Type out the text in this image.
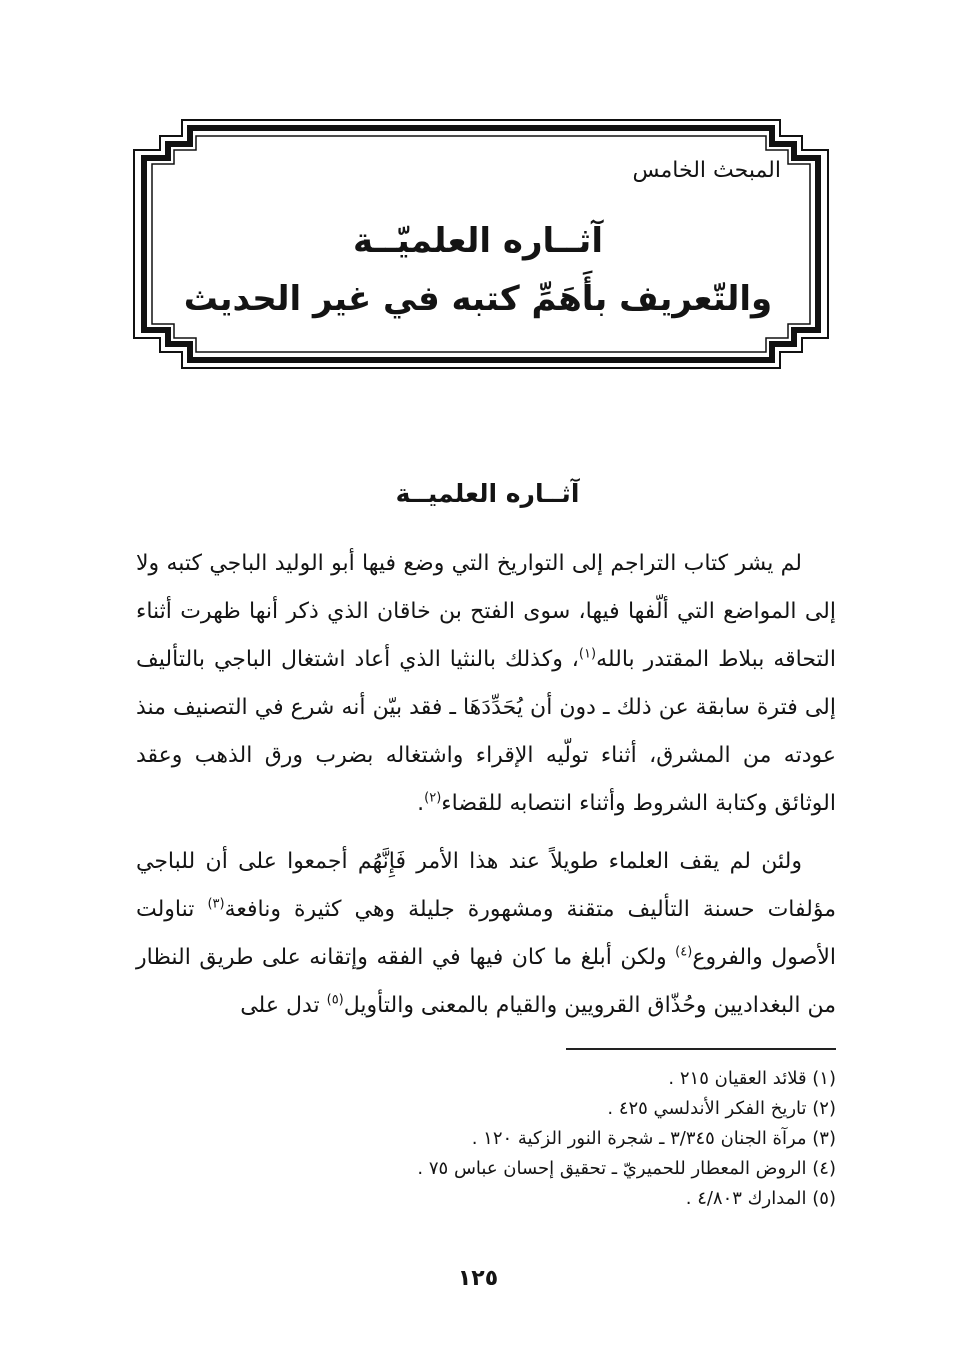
المبحث الخامس
آثــاره العلميّــة
والتّعريف بأَهَمِّ كتبه في غير الحديث
آثــاره العلميــة

لم يشر كتاب التراجم إلى التواريخ التي وضع فيها أبو الوليد الباجي كتبه ولا إلى المواضع التي ألّفها فيها، سوى الفتح بن خاقان الذي ذكر أنها ظهرت أثناء التحاقه ببلاط المقتدر بالله$^{(١)}$، وكذلك بالنثيا الذي أعاد اشتغال الباجي بالتأليف إلى فترة سابقة عن ذلك ـ دون أن يُحَدِّدَهَا ـ فقد بيّن أنه شرع في التصنيف منذ عودته من المشرق، أثناء تولّيه الإقراء واشتغاله بضرب ورق الذهب وعقد الوثائق وكتابة الشروط وأثناء انتصابه للقضاء$^{(٢)}$.

ولئن لم يقف العلماء طويلاً عند هذا الأمر فَإِنَّهُم أجمعوا على أن للباجي مؤلفات حسنة التأليف متقنة ومشهورة جليلة وهي كثيرة ونافعة$^{(٣)}$ تناولت الأصول والفروع$^{(٤)}$ ولكن أبلغ ما كان فيها في الفقه وإتقانه على طريق النظار من البغداديين وحُذّاق القرويين والقيام بالمعنى والتأويل$^{(٥)}$ تدل على

(١) قلائد العقيان ٢١٥ .
(٢) تاريخ الفكر الأندلسي ٤٢٥ .
(٣) مرآة الجنان ٣/٣٤٥ ـ شجرة النور الزكية ١٢٠ .
(٤) الروض المعطار للحميريّ ـ تحقيق إحسان عباس ٧٥ .
(٥) المدارك ٤/٨٠٣ .
١٢٥
